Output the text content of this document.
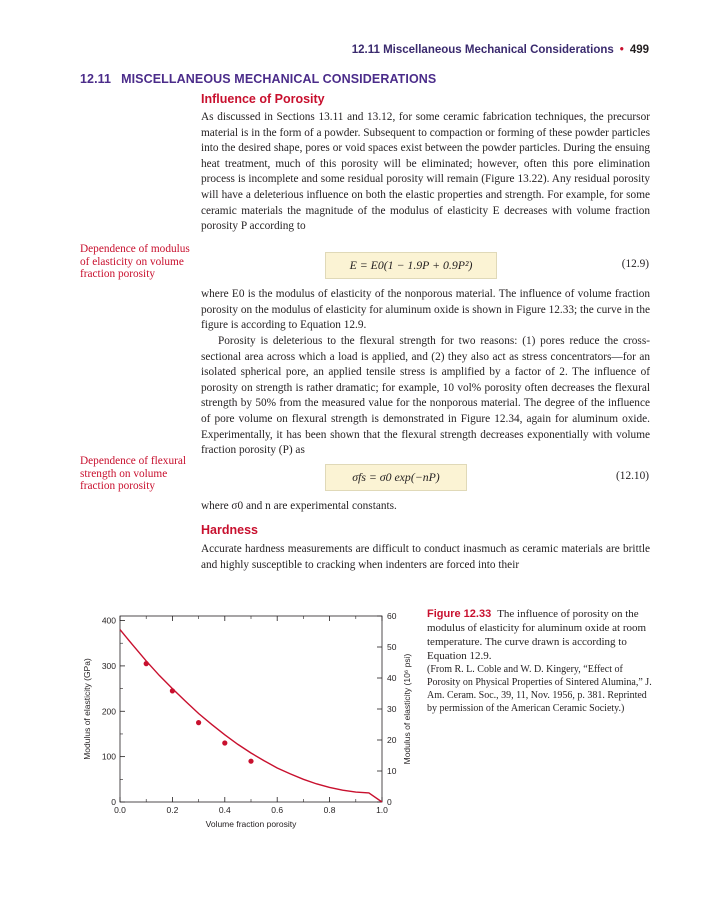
12.11 Miscellaneous Mechanical Considerations • 499
12.11 MISCELLANEOUS MECHANICAL CONSIDERATIONS
Influence of Porosity
As discussed in Sections 13.11 and 13.12, for some ceramic fabrication techniques, the precursor material is in the form of a powder. Subsequent to compaction or forming of these powder particles into the desired shape, pores or void spaces exist between the powder particles. During the ensuing heat treatment, much of this porosity will be eliminated; however, often this pore elimination process is incomplete and some residual porosity will remain (Figure 13.22). Any residual porosity will have a deleterious influence on both the elastic properties and strength. For example, for some ceramic materials the magnitude of the modulus of elasticity E decreases with volume fraction porosity P according to
Dependence of modulus of elasticity on volume fraction porosity
E = E0(1 − 1.9P + 0.9P²)	(12.9)
where E0 is the modulus of elasticity of the nonporous material. The influence of volume fraction porosity on the modulus of elasticity for aluminum oxide is shown in Figure 12.33; the curve in the figure is according to Equation 12.9.
Porosity is deleterious to the flexural strength for two reasons: (1) pores reduce the cross-sectional area across which a load is applied, and (2) they also act as stress concentrators—for an isolated spherical pore, an applied tensile stress is amplified by a factor of 2. The influence of porosity on strength is rather dramatic; for example, 10 vol% porosity often decreases the flexural strength by 50% from the measured value for the nonporous material. The degree of the influence of pore volume on flexural strength is demonstrated in Figure 12.34, again for aluminum oxide. Experimentally, it has been shown that the flexural strength decreases exponentially with volume fraction porosity (P) as
Dependence of flexural strength on volume fraction porosity
σfs = σ0 exp(−nP)	(12.10)
where σ0 and n are experimental constants.
Hardness
Accurate hardness measurements are difficult to conduct inasmuch as ceramic materials are brittle and highly susceptible to cracking when indenters are forced into their
0.0	0.2	0.4	0.6	0.8	1.0
0
100
200
300
400
0
10
20
30
40
50
60
Volume fraction porosity
Modulus of elasticity (GPa)	Modulus of elasticity (10⁶ psi)
Figure 12.33 The influence of porosity on the modulus of elasticity for aluminum oxide at room temperature. The curve drawn is according to Equation 12.9.
(From R. L. Coble and W. D. Kingery, “Effect of Porosity on Physical Properties of Sintered Alumina,” J. Am. Ceram. Soc., 39, 11, Nov. 1956, p. 381. Reprinted by permission of the American Ceramic Society.)
